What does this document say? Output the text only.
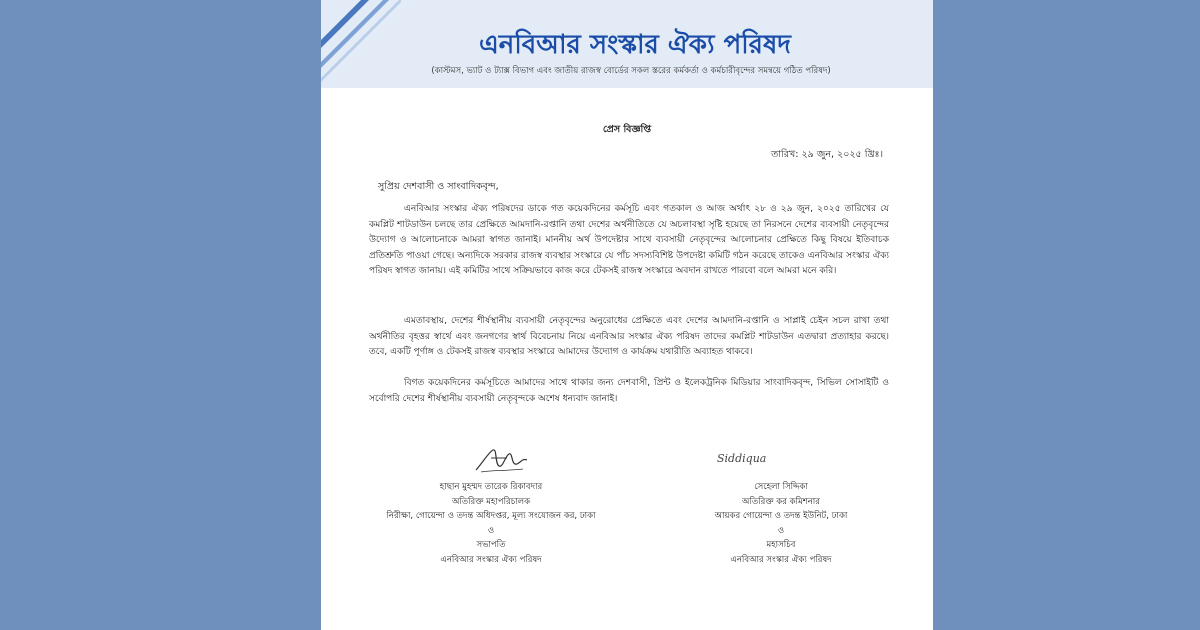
এনবিআর সংস্কার ঐক্য পরিষদ
(কাস্টমস, ভ্যাট ও ট্যাক্স বিভাগ এবং জাতীয় রাজস্ব বোর্ডের সকল স্তরের কর্মকর্তা ও কর্মচারীবৃন্দের সমন্বয়ে গঠিত পরিষদ)
প্রেস বিজ্ঞপ্তি
তারিখ: ২৯ জুন, ২০২৫ খ্রিঃ।
সুপ্রিয় দেশবাসী ও সাংবাদিকবৃন্দ,

এনবিআর সংস্কার ঐক্য পরিষদের ডাকে গত কয়েকদিনের কর্মসূচি এবং গতকাল ও আজ অর্থাৎ ২৮ ও ২৯ জুন, ২০২৫ তারিখের যে কমপ্লিট শাটডাউন চলছে তার প্রেক্ষিতে আমদানি-রপ্তানি তথা দেশের অর্থনীতিতে যে অচলাবস্থা সৃষ্টি হয়েছে তা নিরসনে দেশের ব্যবসায়ী নেতৃবৃন্দের উদ্যোগ ও আলোচনাকে আমরা স্বাগত জানাই। মাননীয় অর্থ উপদেষ্টার সাথে ব্যবসায়ী নেতৃবৃন্দের আলোচনার প্রেক্ষিতে কিছু বিষয়ে ইতিবাচক প্রতিশ্রুতি পাওয়া গেছে। অন্যদিকে সরকার রাজস্ব ব্যবস্থার সংস্কারে যে পাঁচ সদস্যবিশিষ্ট উপদেষ্টা কমিটি গঠন করেছে তাকেও এনবিআর সংস্কার ঐক্য পরিষদ স্বাগত জানায়। এই কমিটির সাথে সক্রিয়ভাবে কাজ করে টেকসই রাজস্ব সংস্কারে অবদান রাখতে পারবো বলে আমরা মনে করি।

এমতাবস্থায়, দেশের শীর্ষস্থানীয় ব্যবসায়ী নেতৃবৃন্দের অনুরোধের প্রেক্ষিতে এবং দেশের আমদানি-রপ্তানি ও সাপ্লাই চেইন সচল রাখা তথা অর্থনীতির বৃহত্তর স্বার্থে এবং জনগণের স্বার্থ বিবেচনায় নিয়ে এনবিআর সংস্কার ঐক্য পরিষদ তাদের কমপ্লিট শাটডাউন এতদ্বারা প্রত্যাহার করছে। তবে, একটি পূর্ণাঙ্গ ও টেকসই রাজস্ব ব্যবস্থার সংস্কারে আমাদের উদ্যোগ ও কার্যক্রম যথারীতি অব্যাহত থাকবে।

বিগত কয়েকদিনের কর্মসূচিতে আমাদের সাথে থাকার জন্য দেশবাসী, প্রিন্ট ও ইলেকট্রনিক মিডিয়ার সাংবাদিকবৃন্দ, সিভিল সোসাইটি ও সর্বোপরি দেশের শীর্ষস্থানীয় ব্যবসায়ী নেতৃবৃন্দকে অশেষ ধন্যবাদ জানাই।

Siddiqua
হাছান মুহম্মদ তারেক রিকাবদার
অতিরিক্ত মহাপরিচালক
নিরীক্ষা, গোয়েন্দা ও তদন্ত অধিদপ্তর, মূল্য সংযোজন কর, ঢাকা
ও
সভাপতি
এনবিআর সংস্কার ঐক্য পরিষদ
সেহেলা সিদ্দিকা
অতিরিক্ত কর কমিশনার
আয়কর গোয়েন্দা ও তদন্ত ইউনিট, ঢাকা
ও
মহাসচিব
এনবিআর সংস্কার ঐক্য পরিষদ
